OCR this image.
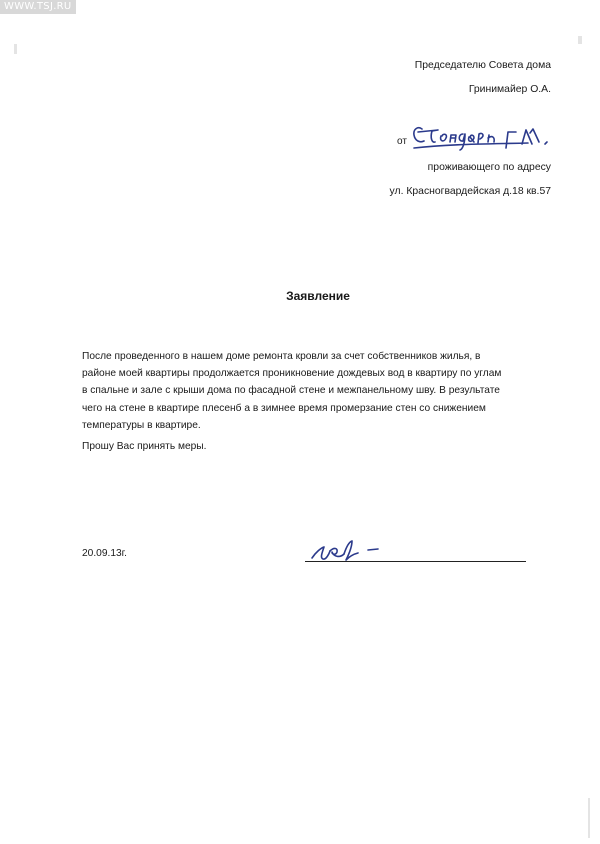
WWW.TSJ.RU
Председателю Совета дома
Гринимайер О.А.
от
проживающего по адресу
ул. Красногвардейская д.18 кв.57
Заявление

После проведенного в нашем доме ремонта кровли за счет собственников жилья, в
районе моей квартиры продолжается проникновение дождевых вод в квартиру по углам
в спальне и зале с крыши дома по фасадной стене и межпанельному шву. В результате
чего на стене в квартире плесенб а в зимнее время промерзание стен со снижением
температуры в квартире.

Прошу Вас принять меры.

20.09.13г.
